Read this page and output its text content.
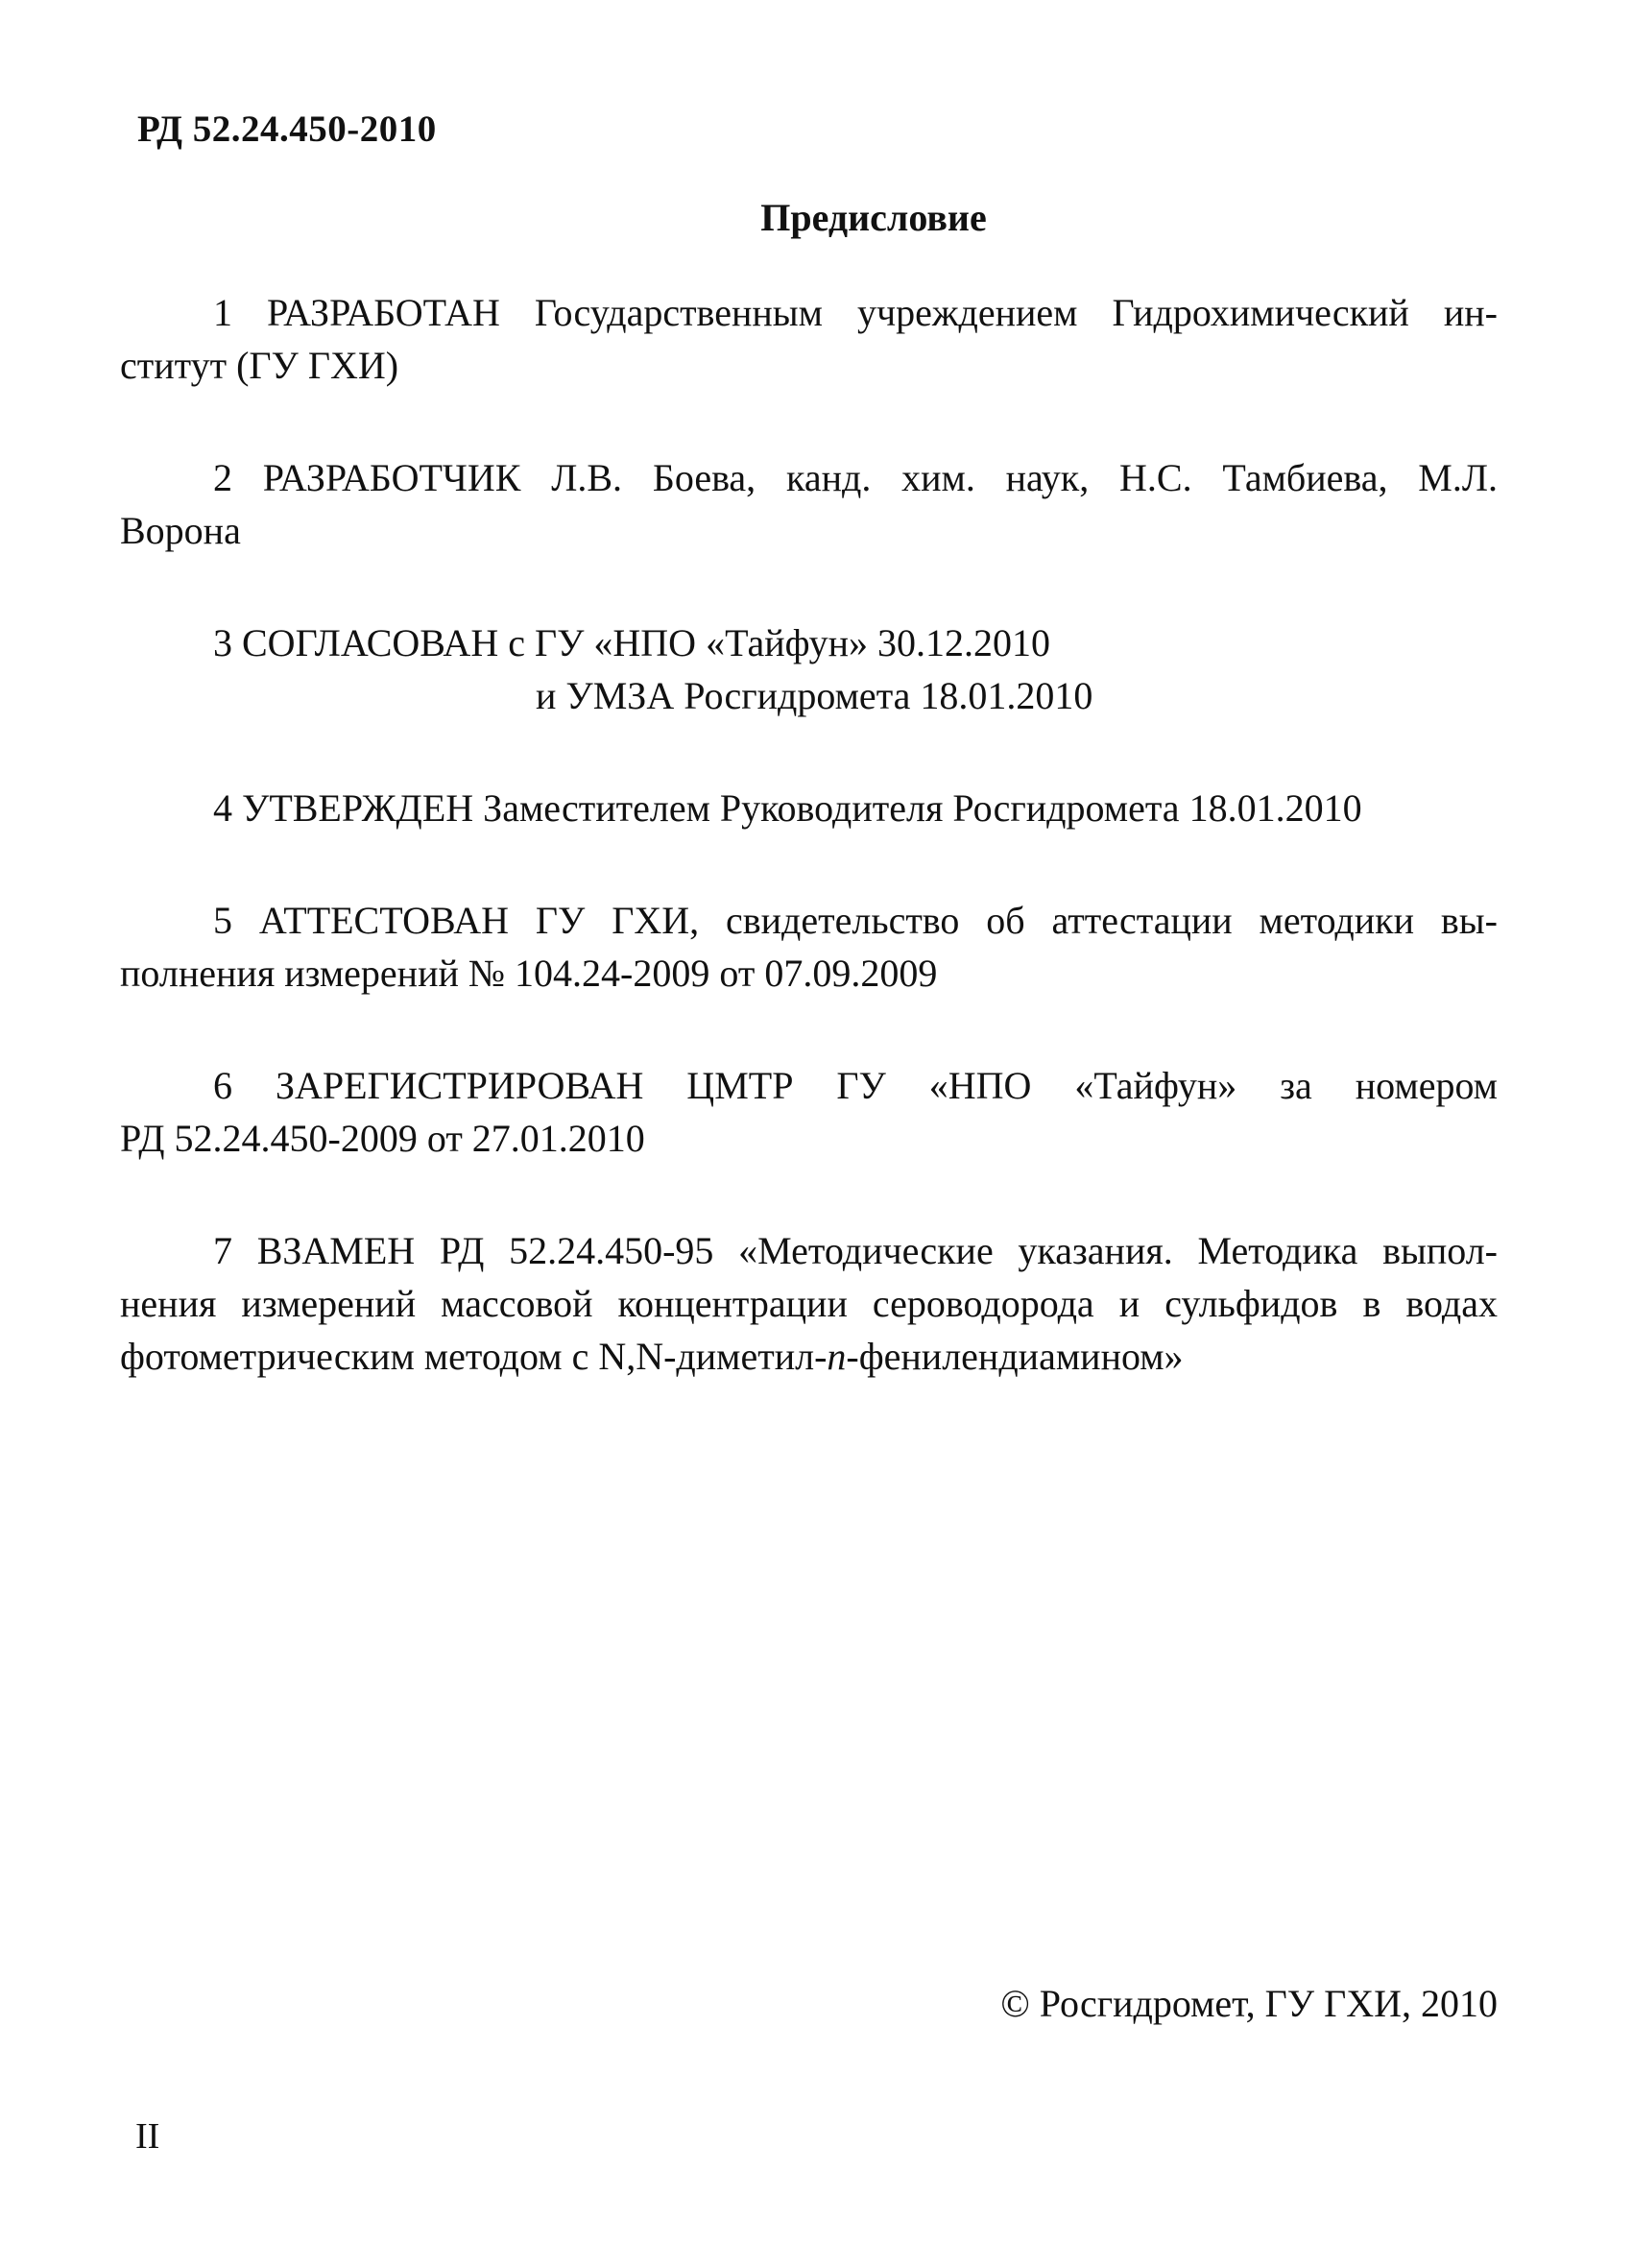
РД 52.24.450-2010
Предисловие

1 РАЗРАБОТАН Государственным учреждением Гидрохимический ин-
ститут (ГУ ГХИ)

2 РАЗРАБОТЧИК Л.В. Боева, канд. хим. наук, Н.С. Тамбиева, М.Л.
Ворона

3 СОГЛАСОВАН с ГУ «НПО «Тайфун» 30.12.2010
и УМЗА Росгидромета 18.01.2010

4 УТВЕРЖДЕН Заместителем Руководителя Росгидромета 18.01.2010

5 АТТЕСТОВАН ГУ ГХИ, свидетельство об аттестации методики вы-
полнения измерений № 104.24-2009 от 07.09.2009

6 ЗАРЕГИСТРИРОВАН ЦМТР ГУ «НПО «Тайфун» за номером
РД 52.24.450-2009 от 27.01.2010

7 ВЗАМЕН РД 52.24.450-95 «Методические указания. Методика выпол-
нения измерений массовой концентрации сероводорода и сульфидов в водах
фотометрическим методом с N,N-диметил-п-фенилендиамином»

© Росгидромет, ГУ ГХИ, 2010
II
